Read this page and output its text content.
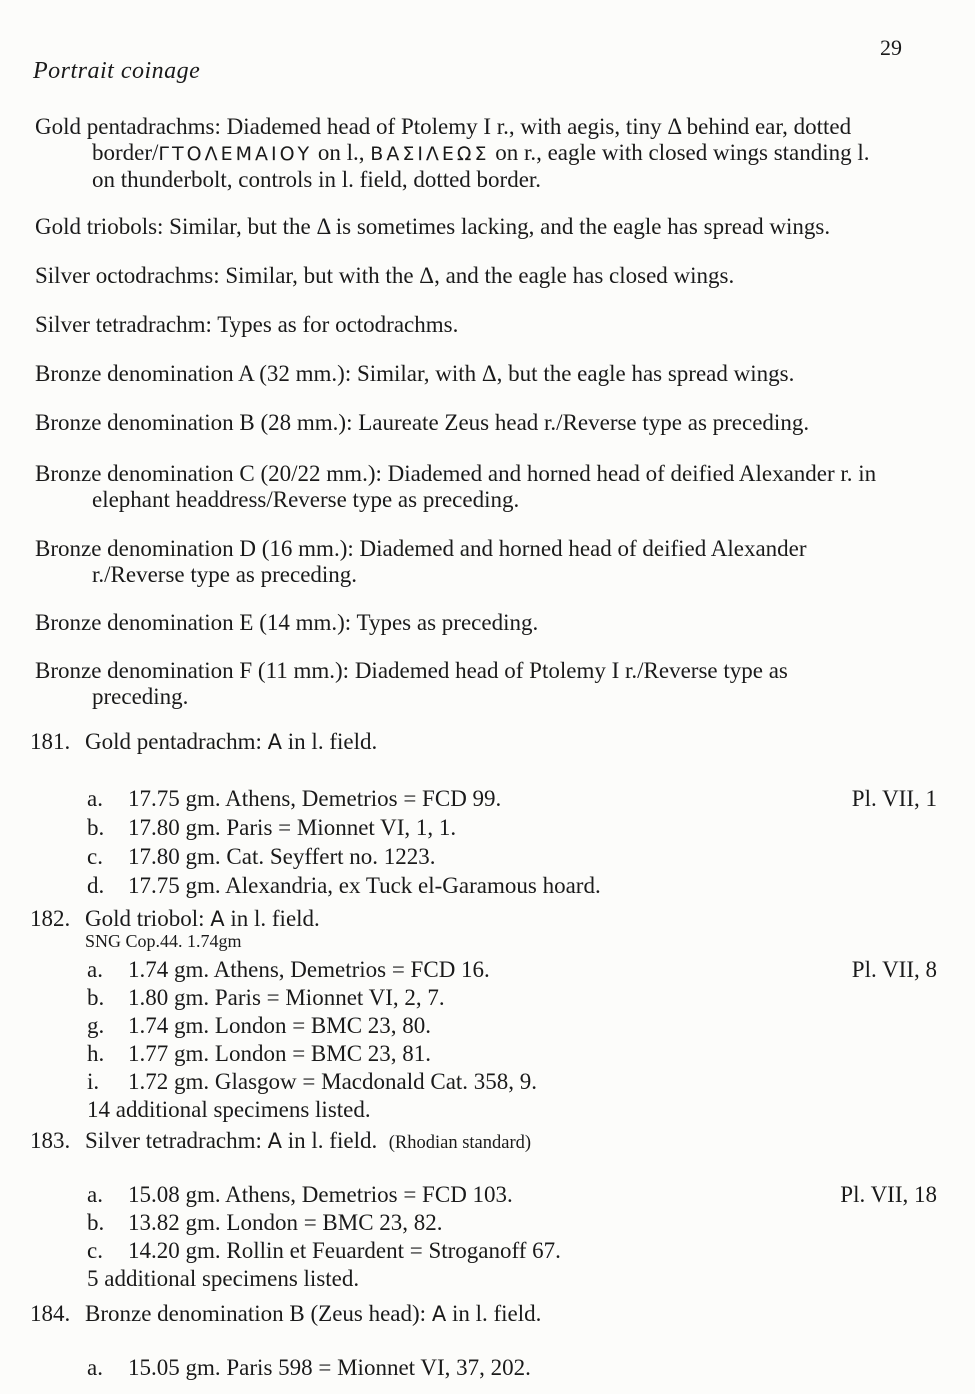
29
Portrait coinage
Gold pentadrachms: Diademed head of Ptolemy I r., with aegis, tiny Δ behind ear, dotted
border/ΓΤΟΛΕΜΑΙΟΥ on l., ΒΑΣΙΛΕΩΣ on r., eagle with closed wings standing l.
on thunderbolt, controls in l. field, dotted border.
Gold triobols: Similar, but the Δ is sometimes lacking, and the eagle has spread wings.
Silver octodrachms: Similar, but with the Δ, and the eagle has closed wings.
Silver tetradrachm: Types as for octodrachms.
Bronze denomination A (32 mm.): Similar, with Δ, but the eagle has spread wings.
Bronze denomination B (28 mm.): Laureate Zeus head r./Reverse type as preceding.
Bronze denomination C (20/22 mm.): Diademed and horned head of deified Alexander r. in
elephant headdress/Reverse type as preceding.
Bronze denomination D (16 mm.): Diademed and horned head of deified Alexander
r./Reverse type as preceding.
Bronze denomination E (14 mm.): Types as preceding.
Bronze denomination F (11 mm.): Diademed head of Ptolemy I r./Reverse type as
preceding.
181. Gold pentadrachm: Α in l. field.
a. 17.75 gm. Athens, Demetrios = FCD 99.	Pl. VII, 1
b. 17.80 gm. Paris = Mionnet VI, 1, 1.
c. 17.80 gm. Cat. Seyffert no. 1223.
d. 17.75 gm. Alexandria, ex Tuck el-Garamous hoard.
182. Gold triobol: Α in l. field.
SNG Cop.44. 1.74gm
a. 1.74 gm. Athens, Demetrios = FCD 16.	Pl. VII, 8
b. 1.80 gm. Paris = Mionnet VI, 2, 7.
g. 1.74 gm. London = BMC 23, 80.
h. 1.77 gm. London = BMC 23, 81.
i. 1.72 gm. Glasgow = Macdonald Cat. 358, 9.
14 additional specimens listed.
183. Silver tetradrachm: Α in l. field. (Rhodian standard)
a. 15.08 gm. Athens, Demetrios = FCD 103.	Pl. VII, 18
b. 13.82 gm. London = BMC 23, 82.
c. 14.20 gm. Rollin et Feuardent = Stroganoff 67.
5 additional specimens listed.
184. Bronze denomination B (Zeus head): Α in l. field.
a. 15.05 gm. Paris 598 = Mionnet VI, 37, 202.
